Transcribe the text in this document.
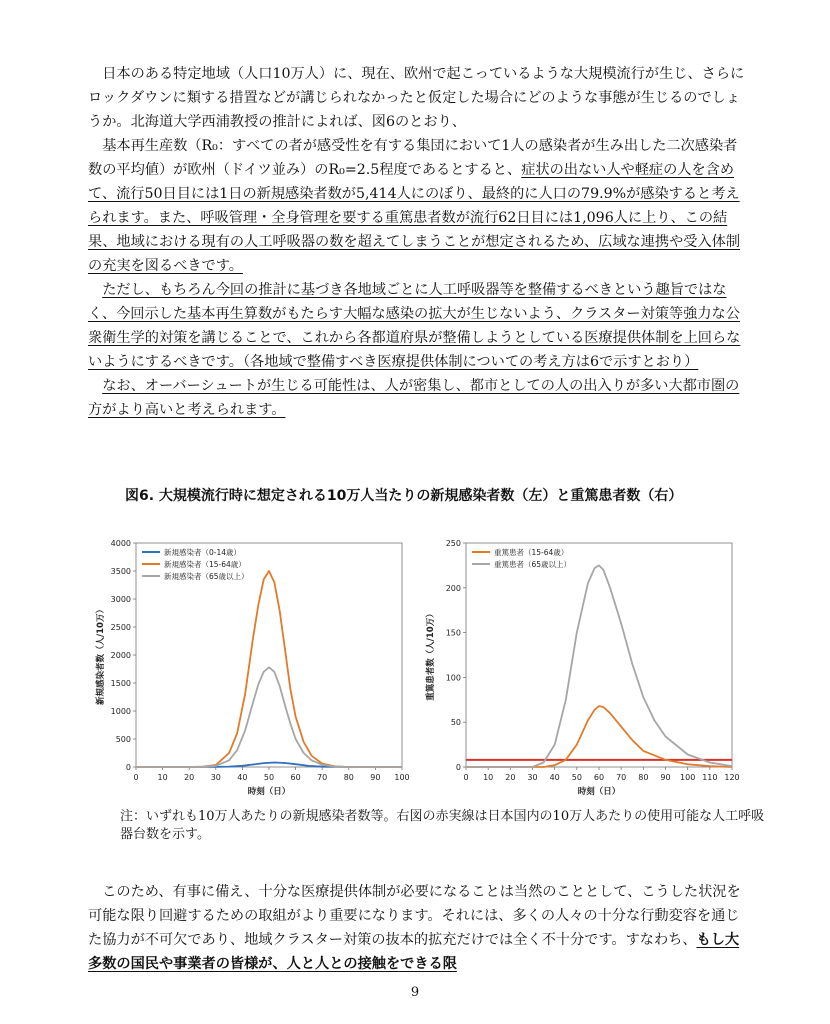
日本のある特定地域（人口10万人）に、現在、欧州で起こっているような大規模流行が生じ、さらにロックダウンに類する措置などが講じられなかったと仮定した場合にどのような事態が生じるのでしょうか。北海道大学西浦教授の推計によれば、図6のとおり、

基本再生産数（R₀：すべての者が感受性を有する集団において1人の感染者が生み出した二次感染者数の平均値）が欧州（ドイツ並み）のR₀=2.5程度であるとすると、症状の出ない人や軽症の人を含めて、流行50日目には1日の新規感染者数が5,414人にのぼり、最終的に人口の79.9%が感染すると考えられます。また、呼吸管理・全身管理を要する重篤患者数が流行62日目には1,096人に上り、この結果、地域における現有の人工呼吸器の数を超えてしまうことが想定されるため、広域な連携や受入体制の充実を図るべきです。

ただし、もちろん今回の推計に基づき各地域ごとに人工呼吸器等を整備するべきという趣旨ではなく、今回示した基本再生算数がもたらす大幅な感染の拡大が生じないよう、クラスター対策等強力な公衆衛生学的対策を講じることで、これから各都道府県が整備しようとしている医療提供体制を上回らないようにするべきです。（各地域で整備すべき医療提供体制についての考え方は6で示すとおり）

なお、オーバーシュートが生じる可能性は、人が密集し、都市としての人の出入りが多い大都市圏の方がより高いと考えられます。

図6. 大規模流行時に想定される10万人当たりの新規感染者数（左）と重篤患者数（右）
0
500
1000
1500
2000
2500
3000
3500
4000
0 10 20 30 40 50 60 70 80 90 100
時刻（日）
新規感染者数（人/10万）
新規感染者（0-14歳）
新規感染者（15-64歳）
新規感染者（65歳以上）
0
50
100
150
200
250
0 10 20 30 40 50 60 70 80 90 100 110 120
時刻（日）
重篤患者数（人/10万）
重篤患者（15-64歳）
重篤患者（65歳以上）
注：いずれも10万人あたりの新規感染者数等。右図の赤実線は日本国内の10万人あたりの使用可能な人工呼吸器台数を示す。

このため、有事に備え、十分な医療提供体制が必要になることは当然のこととして、こうした状況を可能な限り回避するための取組がより重要になります。それには、多くの人々の十分な行動変容を通じた協力が不可欠であり、地域クラスター対策の抜本的拡充だけでは全く不十分です。すなわち、もし大多数の国民や事業者の皆様が、人と人との接触をできる限

9
